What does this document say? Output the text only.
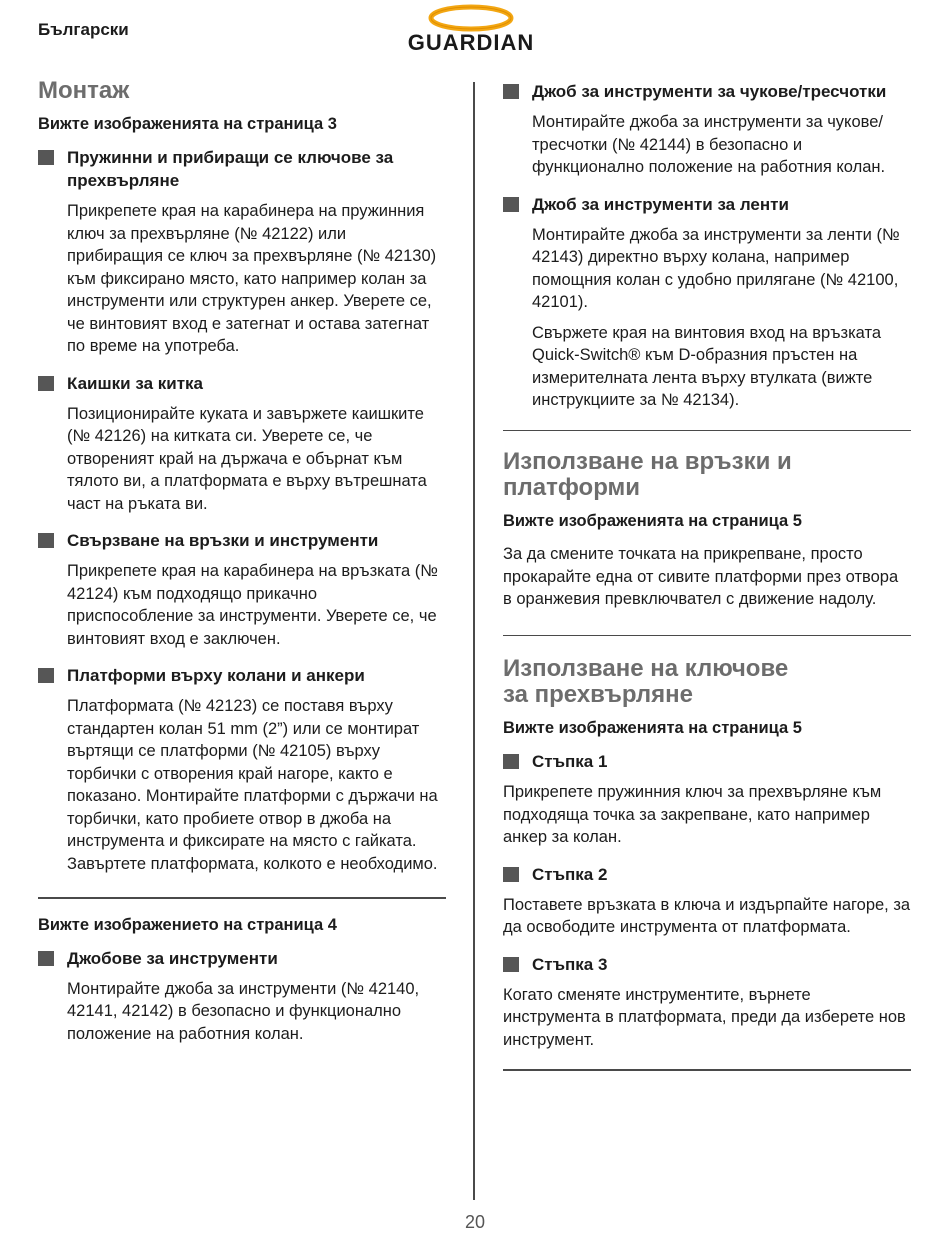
Български
GUARDIAN
Монтаж
Вижте изображенията на страница 3
Пружинни и прибиращи се ключове за прехвърляне
Прикрепете края на карабинера на пружинния ключ за прехвърляне (№ 42122) или прибиращия се ключ за прехвърляне (№ 42130) към фиксирано място, като например колан за инструменти или структурен анкер. Уверете се, че винтовият вход е затегнат и остава затегнат по време на употреба.
Каишки за китка
Позиционирайте куката и завържете каишките (№ 42126) на китката си. Уверете се, че отвореният край на държача е обърнат към тялото ви, а платформата е върху вътрешната част на ръката ви.
Свързване на връзки и инструменти
Прикрепете края на карабинера на връзката (№ 42124) към подходящо прикачно приспособление за инструменти. Уверете се, че винтовият вход е заключен.
Платформи върху колани и анкери
Платформата (№ 42123) се поставя върху стандартен колан 51 mm (2”) или се монтират въртящи се платформи (№ 42105) върху торбички с отворения край нагоре, както е показано. Монтирайте платформи с държачи на торбички, като пробиете отвор в джоба на инструмента и фиксирате на място с гайката. Завъртете платформата, колкото е необходимо.
Вижте изображението на страница 4
Джобове за инструменти
Монтирайте джоба за инструменти (№ 42140, 42141, 42142) в безопасно и функционално положение на работния колан.
Джоб за инструменти за чукове/тресчотки
Монтирайте джоба за инструменти за чукове/тресчотки (№ 42144) в безопасно и функционално положение на работния колан.
Джоб за инструменти за ленти
Монтирайте джоба за инструменти за ленти (№ 42143) директно върху колана, например помощния колан с удобно прилягане (№ 42100, 42101).
Свържете края на винтовия вход на връзката Quick-Switch® към D-образния пръстен на измерителната лента върху втулката (вижте инструкциите за № 42134).
Използване на връзки и платформи
Вижте изображенията на страница 5
За да смените точката на прикрепване, просто прокарайте една от сивите платформи през отвора в оранжевия превключвател с движение надолу.
Използване на ключове за прехвърляне
Вижте изображенията на страница 5
Стъпка 1
Прикрепете пружинния ключ за прехвърляне към подходяща точка за закрепване, като например анкер за колан.
Стъпка 2
Поставете връзката в ключа и издърпайте нагоре, за да освободите инструмента от платформата.
Стъпка 3
Когато сменяте инструментите, върнете инструмента в платформата, преди да изберете нов инструмент.
20
